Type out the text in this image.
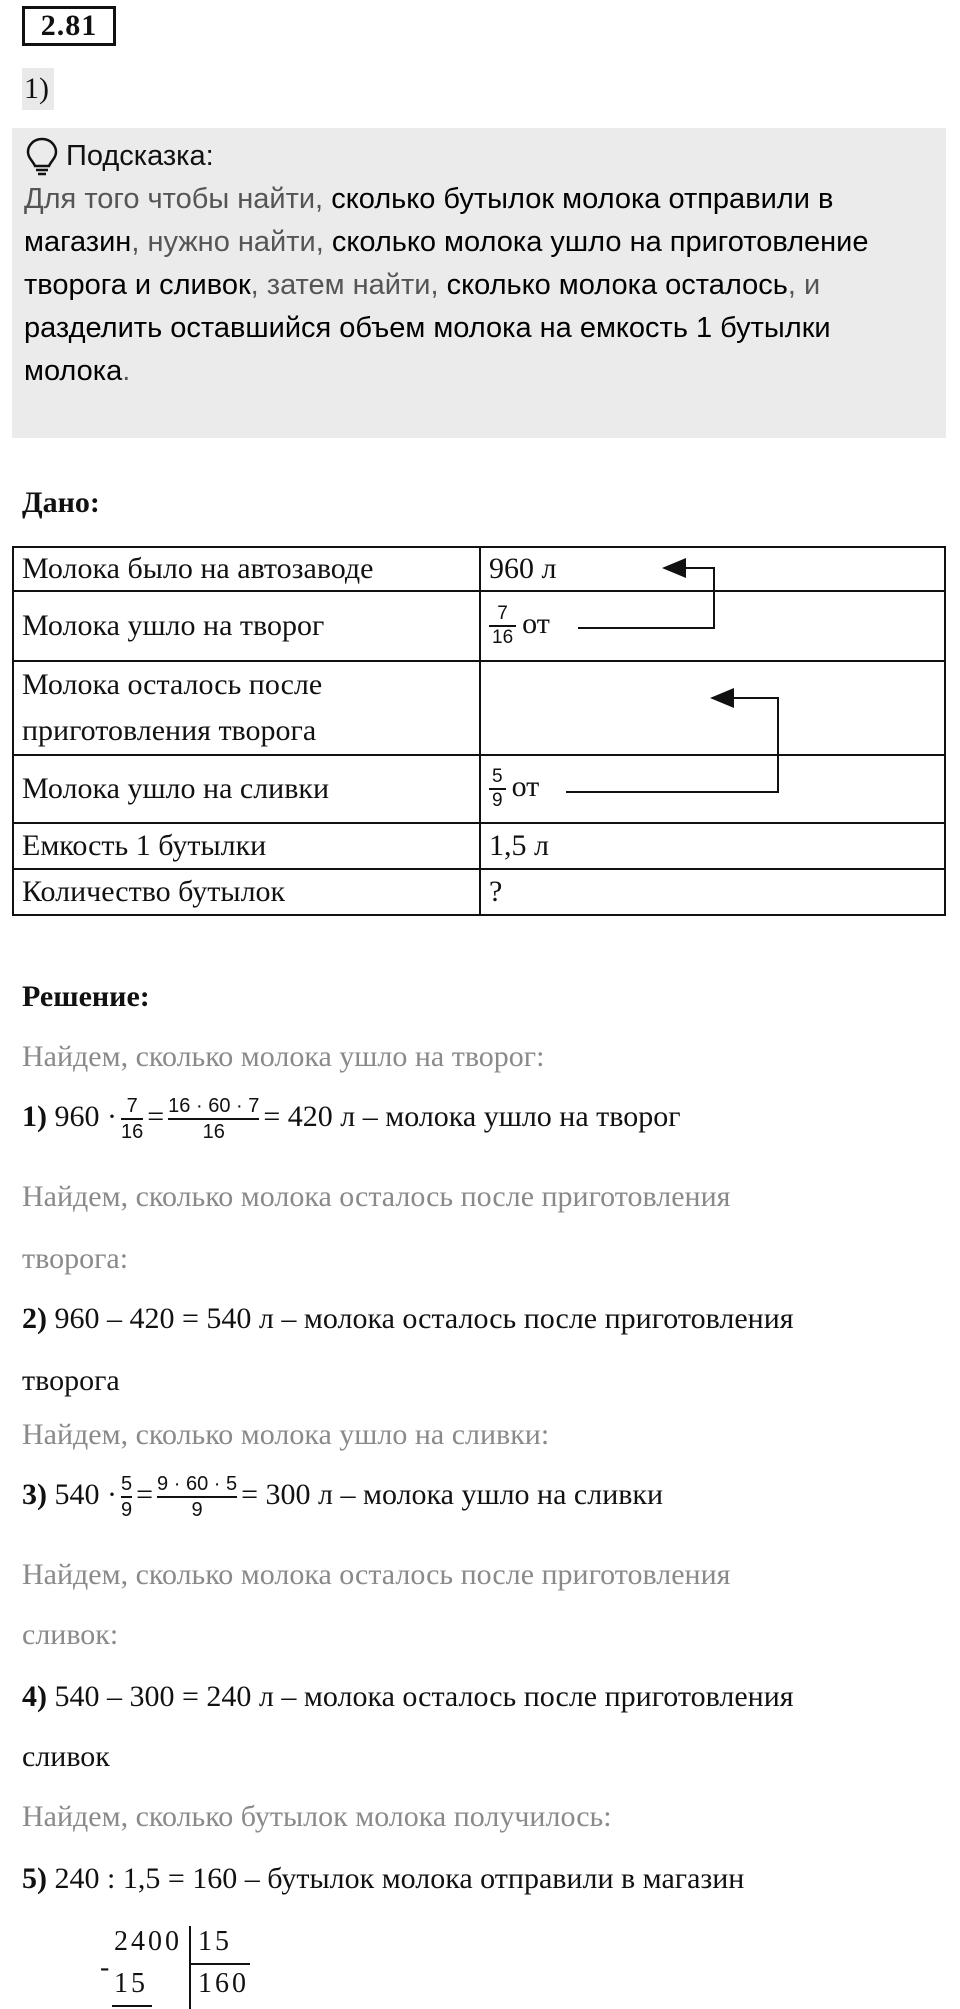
2.81
1)
Подсказка:
Для того чтобы найти, сколько бутылок молока отправили в магазин, нужно найти, сколько молока ушло на приготовление творога и сливок, затем найти, сколько молока осталось, и разделить оставшийся объем молока на емкость 1 бутылки молока.
Дано:
Молока было на автозаводе	960 л
Молока ушло на творог	$\frac{7}{16}$ от
Молока осталось после приготовления творога	
Молока ушло на сливки	$\frac{5}{9}$ от
Емкость 1 бутылки	1,5 л
Количество бутылок	?
Решение:
Найдем, сколько молока ушло на творог:
1) $960 \cdot \frac{7}{16} = \frac{16 \cdot 60 \cdot 7}{16} = 420$ л – молока ушло на творог
Найдем, сколько молока осталось после приготовления
творога:
2) 960 – 420 = 540 л – молока осталось после приготовления
творога
Найдем, сколько молока ушло на сливки:
3) $540 \cdot \frac{5}{9} = \frac{9 \cdot 60 \cdot 5}{9} = 300$ л – молока ушло на сливки
Найдем, сколько молока осталось после приготовления
сливок:
4) 540 – 300 = 240 л – молока осталось после приготовления
сливок
Найдем, сколько бутылок молока получилось:
5) 240 : 1,5 = 160 – бутылок молока отправили в магазин
-
2400 15
15 160
